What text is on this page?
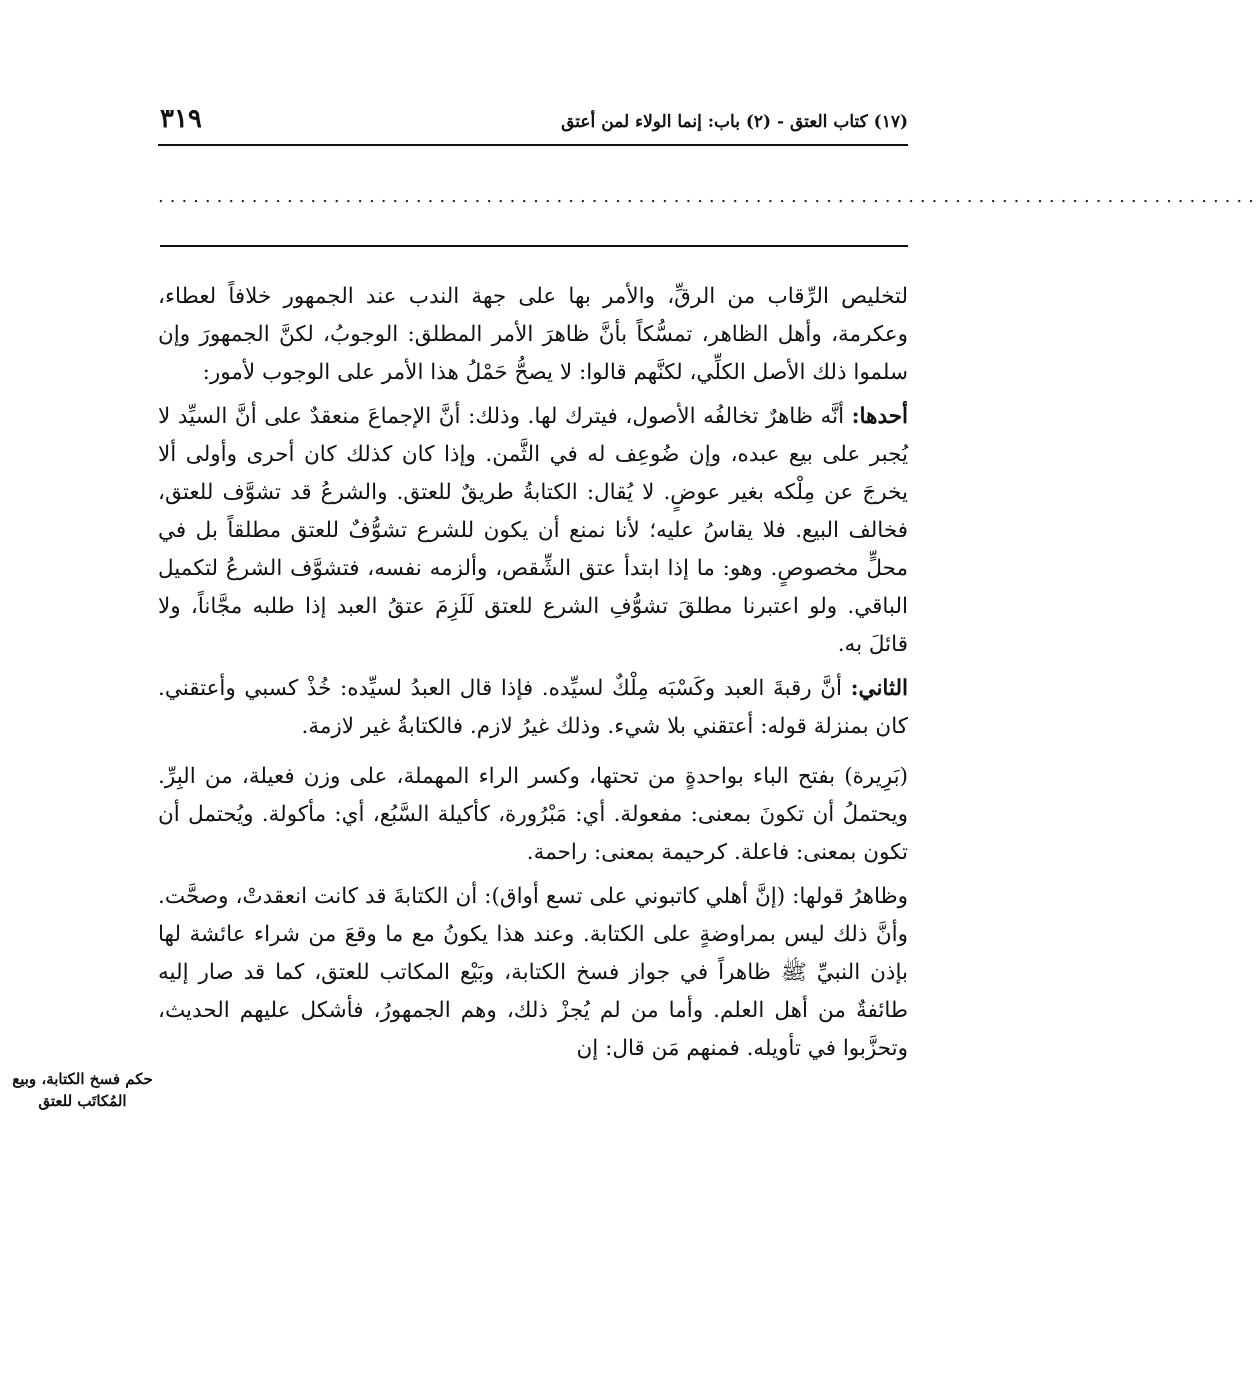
(١٧) كتاب العتق - (٢) باب: إنما الولاء لمن أعتق
٣١٩
..............................................................................................

لتخليص الرِّقاب من الرقِّ، والأمر بها على جهة الندب عند الجمهور خلافاً لعطاء، وعكرمة، وأهل الظاهر، تمسُّكاً بأنَّ ظاهرَ الأمر المطلق: الوجوبُ، لكنَّ الجمهورَ وإن سلموا ذلك الأصل الكلِّي، لكنَّهم قالوا: لا يصحُّ حَمْلُ هذا الأمر على الوجوب لأمور:

أحدها: أنَّه ظاهرٌ تخالفُه الأصول، فيترك لها. وذلك: أنَّ الإجماعَ منعقدٌ على أنَّ السيِّد لا يُجبر على بيع عبده، وإن ضُوعِف له في الثَّمن. وإذا كان كذلك كان أحرى وأولى ألا يخرجَ عن مِلْكه بغير عوضٍ. لا يُقال: الكتابةُ طريقٌ للعتق. والشرعُ قد تشوَّف للعتق، فخالف البيع. فلا يقاسُ عليه؛ لأنا نمنع أن يكون للشرع تشوُّفٌ للعتق مطلقاً بل في محلٍّ مخصوصٍ. وهو: ما إذا ابتدأ عتق الشِّقص، وألزمه نفسه، فتشوَّف الشرعُ لتكميل الباقي. ولو اعتبرنا مطلقَ تشوُّفِ الشرع للعتق لَلَزِمَ عتقُ العبد إذا طلبه مجَّاناً، ولا قائلَ به.

الثاني: أنَّ رقبةَ العبد وكَسْبَه مِلْكٌ لسيِّده. فإذا قال العبدُ لسيِّده: خُذْ كسبي وأعتقني. كان بمنزلة قوله: أعتقني بلا شيء. وذلك غيرُ لازم. فالكتابةُ غير لازمة.

(بَرِيرة) بفتح الباء بواحدةٍ من تحتها، وكسر الراء المهملة، على وزن فعيلة، من البِرِّ. ويحتملُ أن تكونَ بمعنى: مفعولة. أي: مَبْرُورة، كأكيلة السَّبُع، أي: مأكولة. ويُحتمل أن تكون بمعنى: فاعلة. كرحيمة بمعنى: راحمة.

وظاهرُ قولها: (إنَّ أهلي كاتبوني على تسع أواق): أن الكتابةَ قد كانت انعقدتْ، وصحَّت. وأنَّ ذلك ليس بمراوضةٍ على الكتابة. وعند هذا يكونُ مع ما وقعَ من شراء عائشة لها بإذن النبيِّ ﷺ ظاهراً في جواز فسخ الكتابة، وبَيْع المكاتب للعتق، كما قد صار إليه طائفةٌ من أهل العلم. وأما من لم يُجزْ ذلك، وهم الجمهورُ، فأشكل عليهم الحديث، وتحزَّبوا في تأويله. فمنهم مَن قال: إن

حكم فسخ الكتابة، وبيع المُكاتَب للعتق
